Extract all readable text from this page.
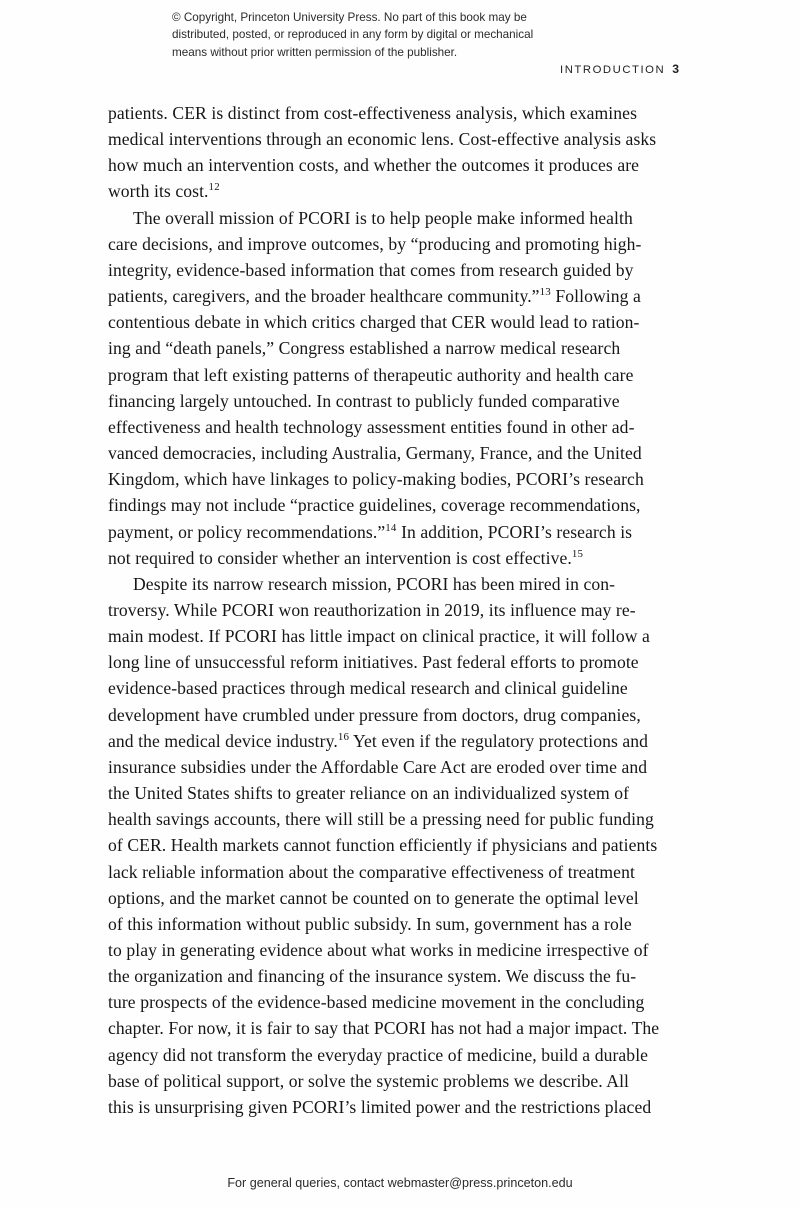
© Copyright, Princeton University Press. No part of this book may be
distributed, posted, or reproduced in any form by digital or mechanical
means without prior written permission of the publisher.
INTRODUCTION 3

patients. CER is distinct from cost-effectiveness analysis, which examines
medical interventions through an economic lens. Cost-effective analysis asks
how much an intervention costs, and whether the outcomes it produces are
worth its cost.$^{12}$

The overall mission of PCORI is to help people make informed health
care decisions, and improve outcomes, by “producing and promoting high-
integrity, evidence-based information that comes from research guided by
patients, caregivers, and the broader healthcare community.”$^{13}$ Following a
contentious debate in which critics charged that CER would lead to ration-
ing and “death panels,” Congress established a narrow medical research
program that left existing patterns of therapeutic authority and health care
financing largely untouched. In contrast to publicly funded comparative
effectiveness and health technology assessment entities found in other ad-
vanced democracies, including Australia, Germany, France, and the United
Kingdom, which have linkages to policy-making bodies, PCORI’s research
findings may not include “practice guidelines, coverage recommendations,
payment, or policy recommendations.”$^{14}$ In addition, PCORI’s research is
not required to consider whether an intervention is cost effective.$^{15}$

Despite its narrow research mission, PCORI has been mired in con-
troversy. While PCORI won reauthorization in 2019, its influence may re-
main modest. If PCORI has little impact on clinical practice, it will follow a
long line of unsuccessful reform initiatives. Past federal efforts to promote
evidence-based practices through medical research and clinical guideline
development have crumbled under pressure from doctors, drug companies,
and the medical device industry.$^{16}$ Yet even if the regulatory protections and
insurance subsidies under the Affordable Care Act are eroded over time and
the United States shifts to greater reliance on an individualized system of
health savings accounts, there will still be a pressing need for public funding
of CER. Health markets cannot function efficiently if physicians and patients
lack reliable information about the comparative effectiveness of treatment
options, and the market cannot be counted on to generate the optimal level
of this information without public subsidy. In sum, government has a role
to play in generating evidence about what works in medicine irrespective of
the organization and financing of the insurance system. We discuss the fu-
ture prospects of the evidence-based medicine movement in the concluding
chapter. For now, it is fair to say that PCORI has not had a major impact. The
agency did not transform the everyday practice of medicine, build a durable
base of political support, or solve the systemic problems we describe. All
this is unsurprising given PCORI’s limited power and the restrictions placed

For general queries, contact webmaster@press.princeton.edu
